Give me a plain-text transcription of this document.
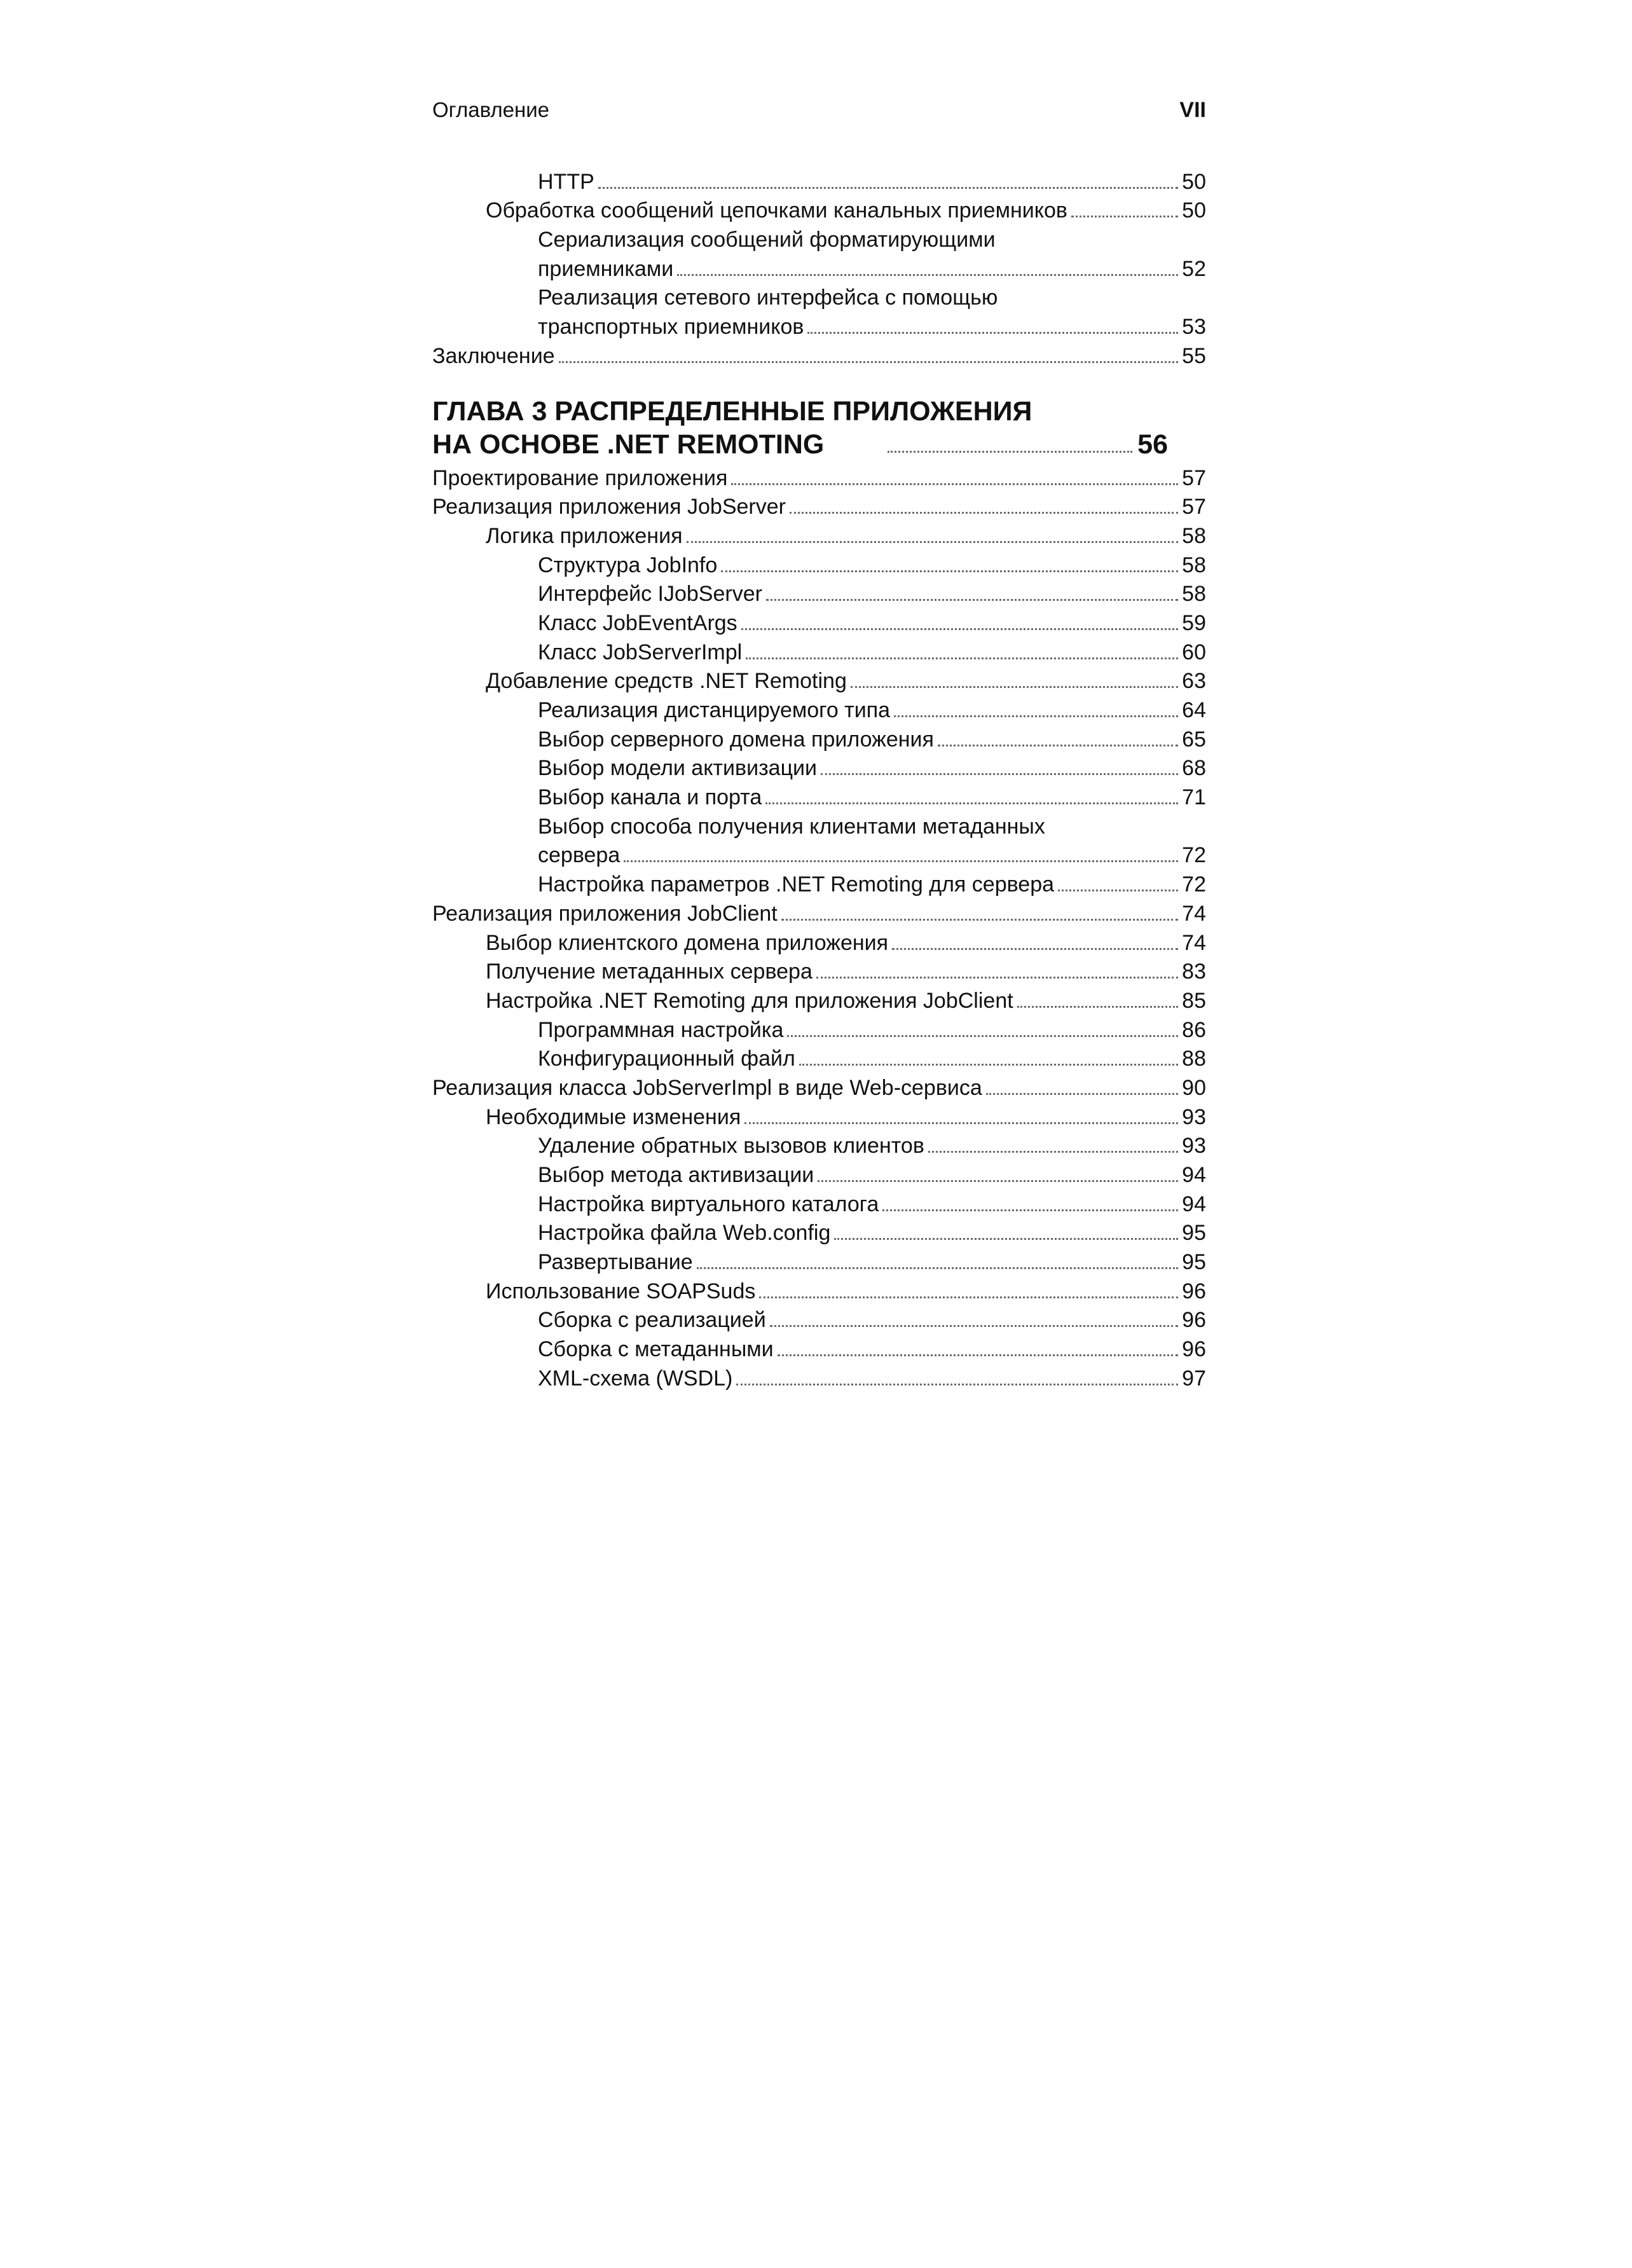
Оглавление	VII
HTTP	50
Обработка сообщений цепочками канальных приемников	50
Сериализация сообщений форматирующими
приемниками	52
Реализация сетевого интерфейса с помощью
транспортных приемников	53
Заключение	55
ГЛАВА 3 РАСПРЕДЕЛЕННЫЕ ПРИЛОЖЕНИЯ
НА ОСНОВЕ .NET REMOTING	56
Проектирование приложения	57
Реализация приложения JobServer	57
Логика приложения	58
Структура JobInfo	58
Интерфейс IJobServer	58
Класс JobEventArgs	59
Класс JobServerImpl	60
Добавление средств .NET Remoting	63
Реализация дистанцируемого типа	64
Выбор серверного домена приложения	65
Выбор модели активизации	68
Выбор канала и порта	71
Выбор способа получения клиентами метаданных
сервера	72
Настройка параметров .NET Remoting для сервера	72
Реализация приложения JobClient	74
Выбор клиентского домена приложения	74
Получение метаданных сервера	83
Настройка .NET Remoting для приложения JobClient	85
Программная настройка	86
Конфигурационный файл	88
Реализация класса JobServerImpl в виде Web-сервиса	90
Необходимые изменения	93
Удаление обратных вызовов клиентов	93
Выбор метода активизации	94
Настройка виртуального каталога	94
Настройка файла Web.config	95
Развертывание	95
Использование SOAPSuds	96
Сборка с реализацией	96
Сборка с метаданными	96
XML-схема (WSDL)	97
